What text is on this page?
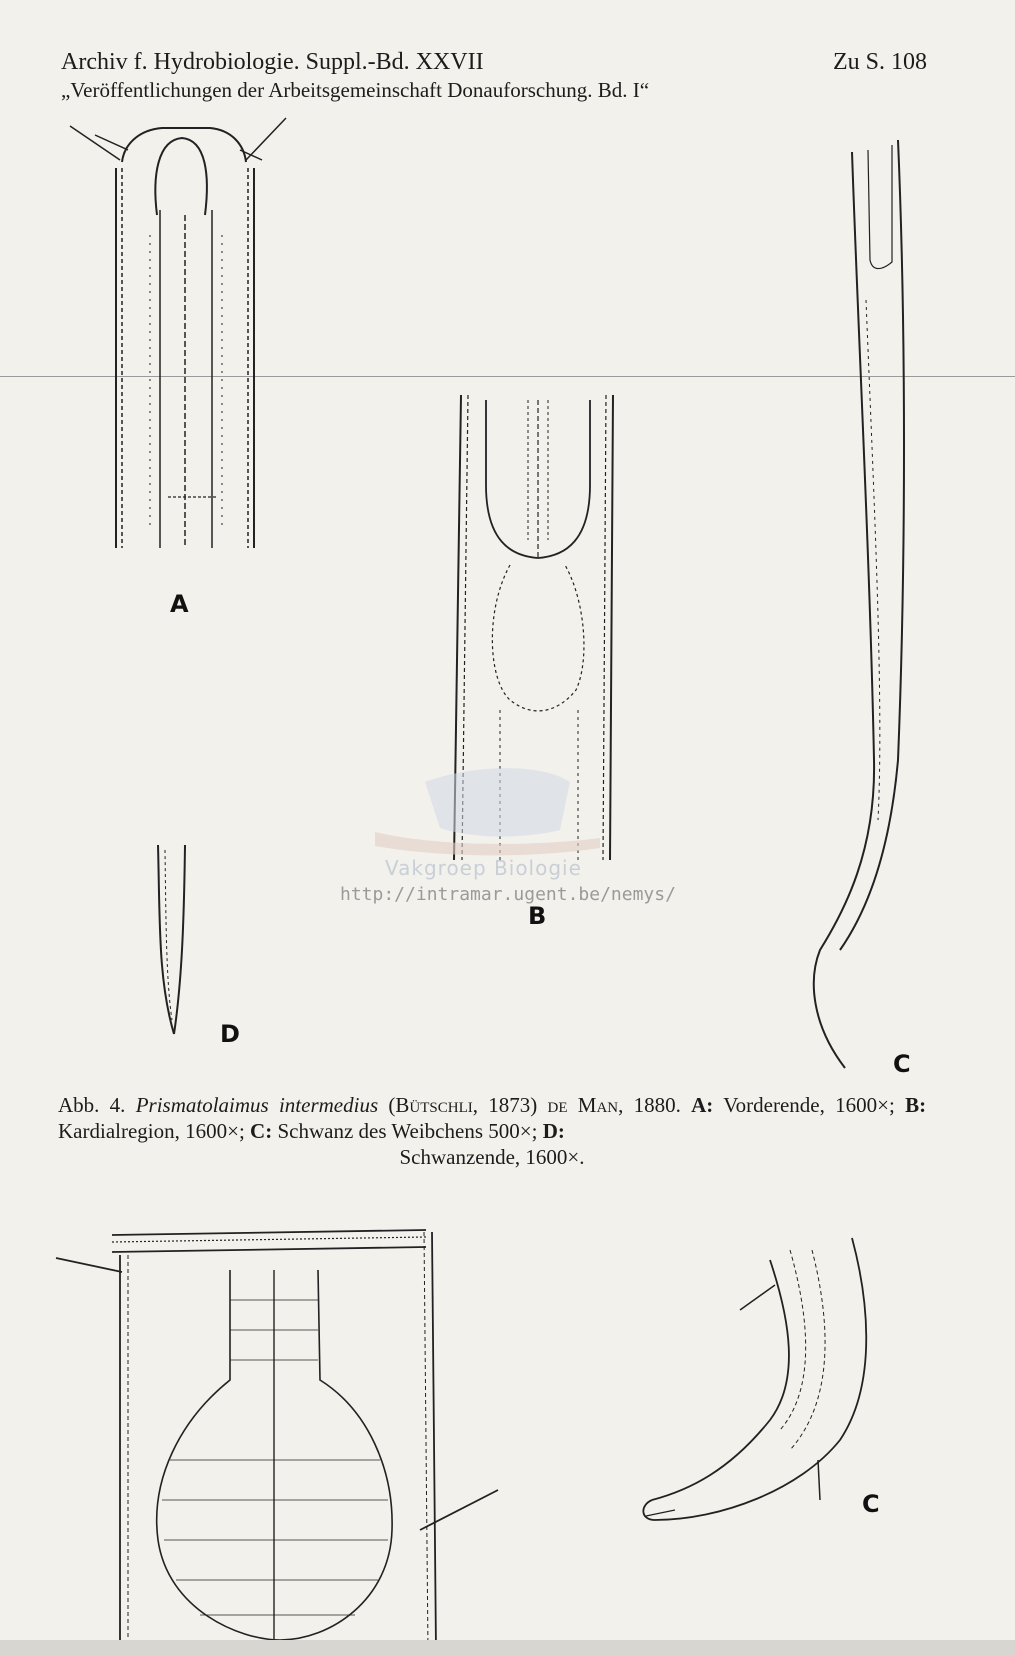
Archiv f. Hydrobiologie. Suppl.-Bd. XXVII
„Veröffentlichungen der Arbeitsgemeinschaft Donauforschung. Bd. I“
Zu S. 108
A
B
C
D
C
Vakgroep Biologie
http://intramar.ugent.be/nemys/
Abb. 4. Prismatolaimus intermedius (Bütschli, 1873) de Man, 1880. A: Vorderende, 1600×; B: Kardialregion, 1600×; C: Schwanz des Weibchens 500×; D:
Schwanzende, 1600×.
